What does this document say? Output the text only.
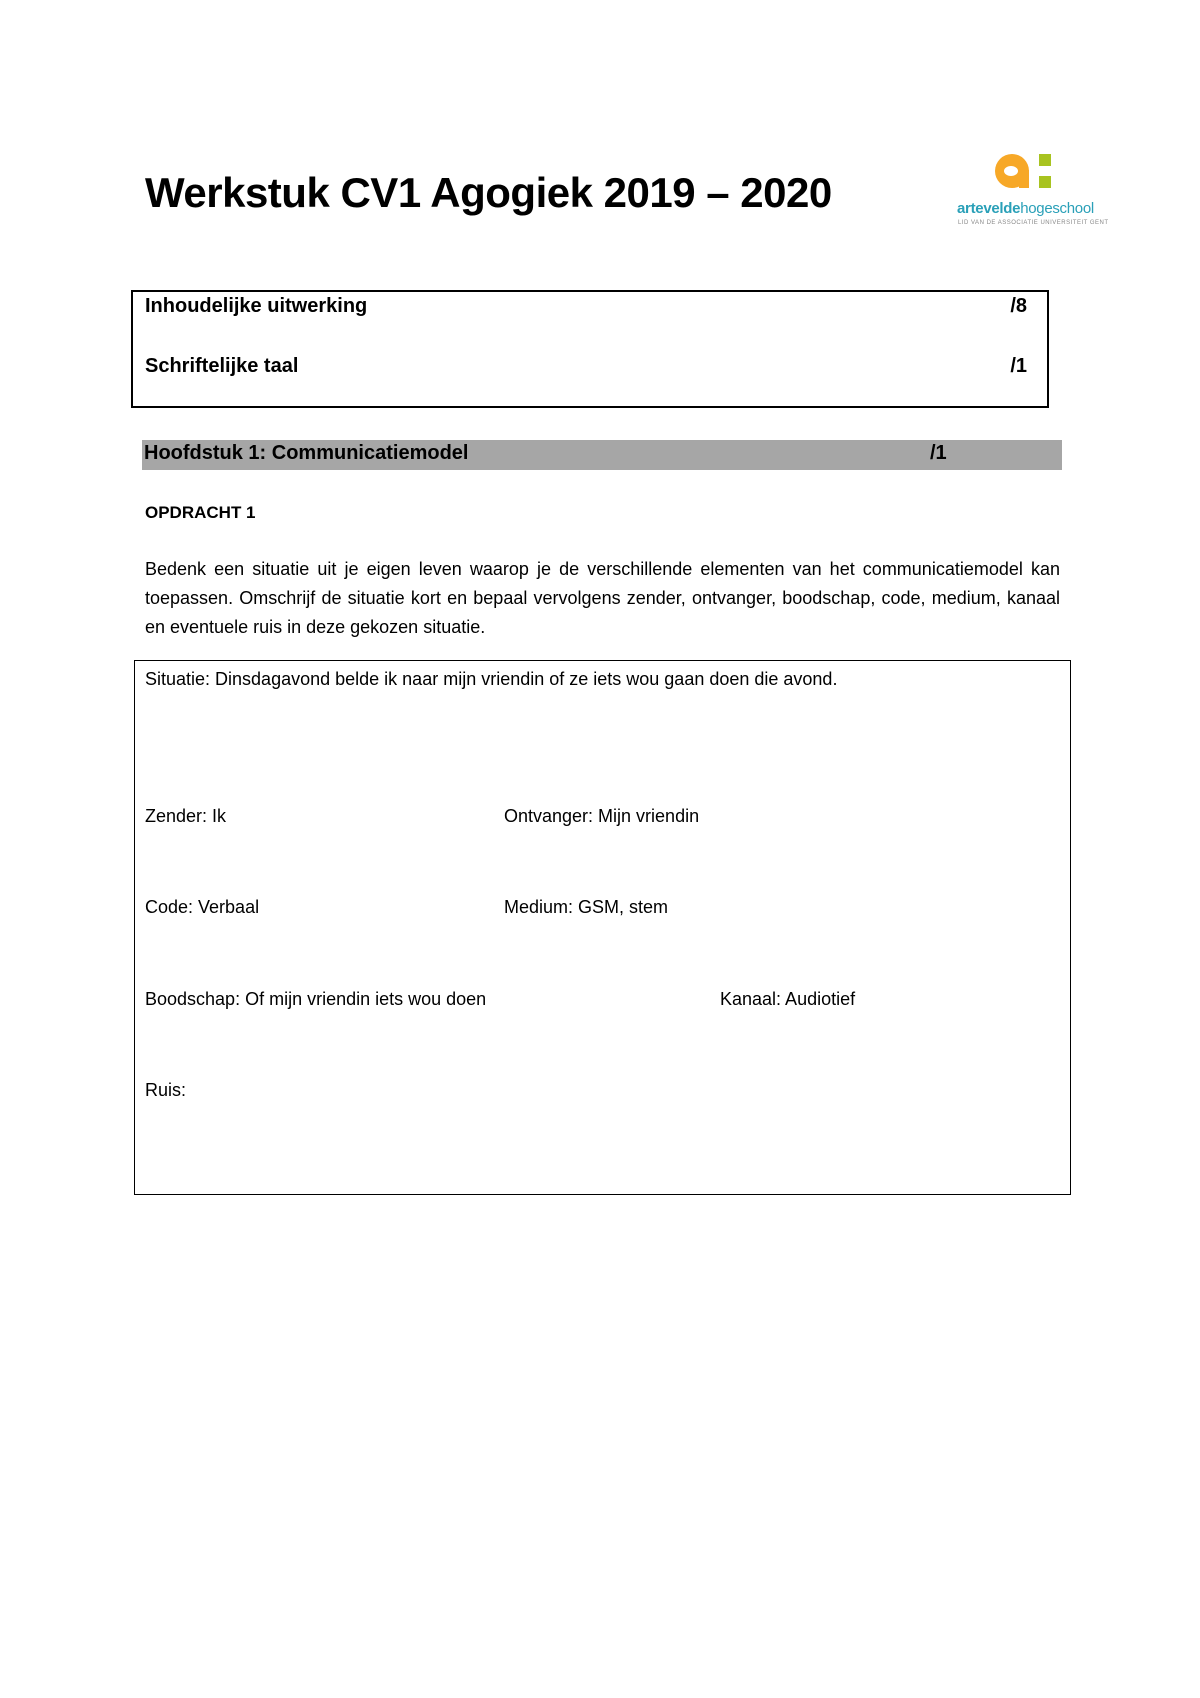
Werkstuk CV1 Agogiek 2019 – 2020	arteveldehogeschool
LID VAN DE ASSOCIATIE UNIVERSITEIT GENT
Inhoudelijke uitwerking	/8
Schriftelijke taal	/1
Hoofdstuk 1: Communicatiemodel	/1
OPDRACHT 1

Bedenk een situatie uit je eigen leven waarop je de verschillende elementen van het communicatiemodel kan toepassen. Omschrijf de situatie kort en bepaal vervolgens zender, ontvanger, boodschap, code, medium, kanaal en eventuele ruis in deze gekozen situatie.

Situatie: Dinsdagavond belde ik naar mijn vriendin of ze iets wou gaan doen die avond.
Zender: Ik	Ontvanger: Mijn vriendin
Code: Verbaal	Medium: GSM, stem
Boodschap: Of mijn vriendin iets wou doen	Kanaal: Audiotief
Ruis:
